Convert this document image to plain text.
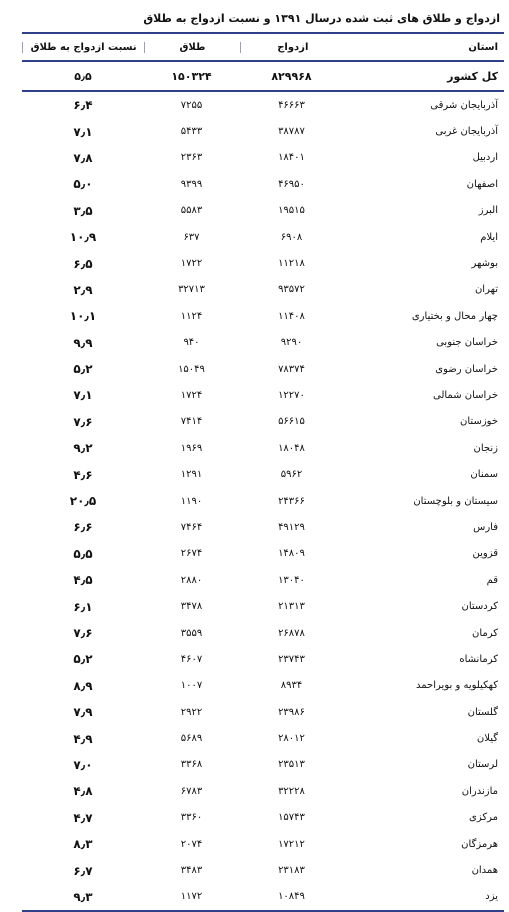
ازدواج و طلاق های ثبت شده درسال ۱۳۹۱ و نسبت ازدواج به طلاق
استان
ازدواج
طلاق
نسبت ازدواج به طلاق
کل کشور
۸۲۹۹۶۸
۱۵۰۳۲۴
۵٫۵
آذربایجان شرقی
۴۶۶۶۳
۷۲۵۵
۶٫۴
آذربایجان غربی
۳۸۷۸۷
۵۴۳۳
۷٫۱
اردبیل
۱۸۴۰۱
۲۳۶۳
۷٫۸
اصفهان
۴۶۹۵۰
۹۳۹۹
۵٫۰
البرز
۱۹۵۱۵
۵۵۸۳
۳٫۵
ایلام
۶۹۰۸
۶۳۷
۱۰٫۹
بوشهر
۱۱۲۱۸
۱۷۲۲
۶٫۵
تهران
۹۳۵۷۲
۳۲۷۱۳
۲٫۹
چهار محال و بختیاری
۱۱۴۰۸
۱۱۲۴
۱۰٫۱
خراسان جنوبی
۹۲۹۰
۹۴۰
۹٫۹
خراسان رضوی
۷۸۳۷۴
۱۵۰۴۹
۵٫۲
خراسان شمالی
۱۲۲۷۰
۱۷۲۴
۷٫۱
خوزستان
۵۶۶۱۵
۷۴۱۴
۷٫۶
زنجان
۱۸۰۴۸
۱۹۶۹
۹٫۲
سمنان
۵۹۶۲
۱۲۹۱
۴٫۶
سیستان و بلوچستان
۲۴۳۶۶
۱۱۹۰
۲۰٫۵
فارس
۴۹۱۲۹
۷۴۶۴
۶٫۶
قزوین
۱۴۸۰۹
۲۶۷۴
۵٫۵
قم
۱۳۰۴۰
۲۸۸۰
۴٫۵
کردستان
۲۱۳۱۳
۳۴۷۸
۶٫۱
کرمان
۲۶۸۷۸
۳۵۵۹
۷٫۶
کرمانشاه
۲۳۷۴۳
۴۶۰۷
۵٫۲
کهکیلویه و بویراحمد
۸۹۳۴
۱۰۰۷
۸٫۹
گلستان
۲۳۹۸۶
۲۹۲۲
۷٫۹
گیلان
۲۸۰۱۲
۵۶۸۹
۴٫۹
لرستان
۲۳۵۱۳
۳۳۶۸
۷٫۰
مازندران
۳۲۲۲۸
۶۷۸۳
۴٫۸
مرکزی
۱۵۷۴۳
۳۳۶۰
۴٫۷
هرمزگان
۱۷۲۱۲
۲۰۷۴
۸٫۳
همدان
۲۳۱۸۳
۳۴۸۳
۶٫۷
یزد
۱۰۸۴۹
۱۱۷۲
۹٫۳
